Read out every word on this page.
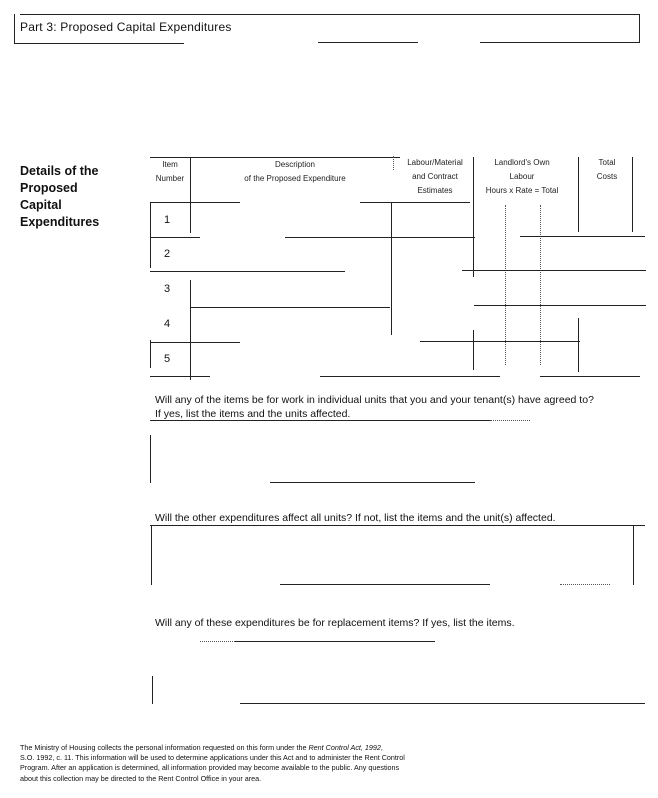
Part 3: Proposed Capital Expenditures
Details of the
Proposed
Capital
Expenditures
Item
Number
Description
of the Proposed Expenditure
Labour/Material
and Contract
Estimates
Landlord's Own
Labour
Hours x Rate = Total
Total
Costs
1
2
3
4
5
Will any of the items be for work in individual units that you and your tenant(s) have agreed to?
If yes, list the items and the units affected.
Will the other expenditures affect all units? If not, list the items and the unit(s) affected.
Will any of these expenditures be for replacement items? If yes, list the items.
The Ministry of Housing collects the personal information requested on this form under the Rent Control Act, 1992,
S.O. 1992, c. 11. This information will be used to determine applications under this Act and to administer the Rent Control
Program. After an application is determined, all information provided may become available to the public. Any questions
about this collection may be directed to the Rent Control Office in your area.
